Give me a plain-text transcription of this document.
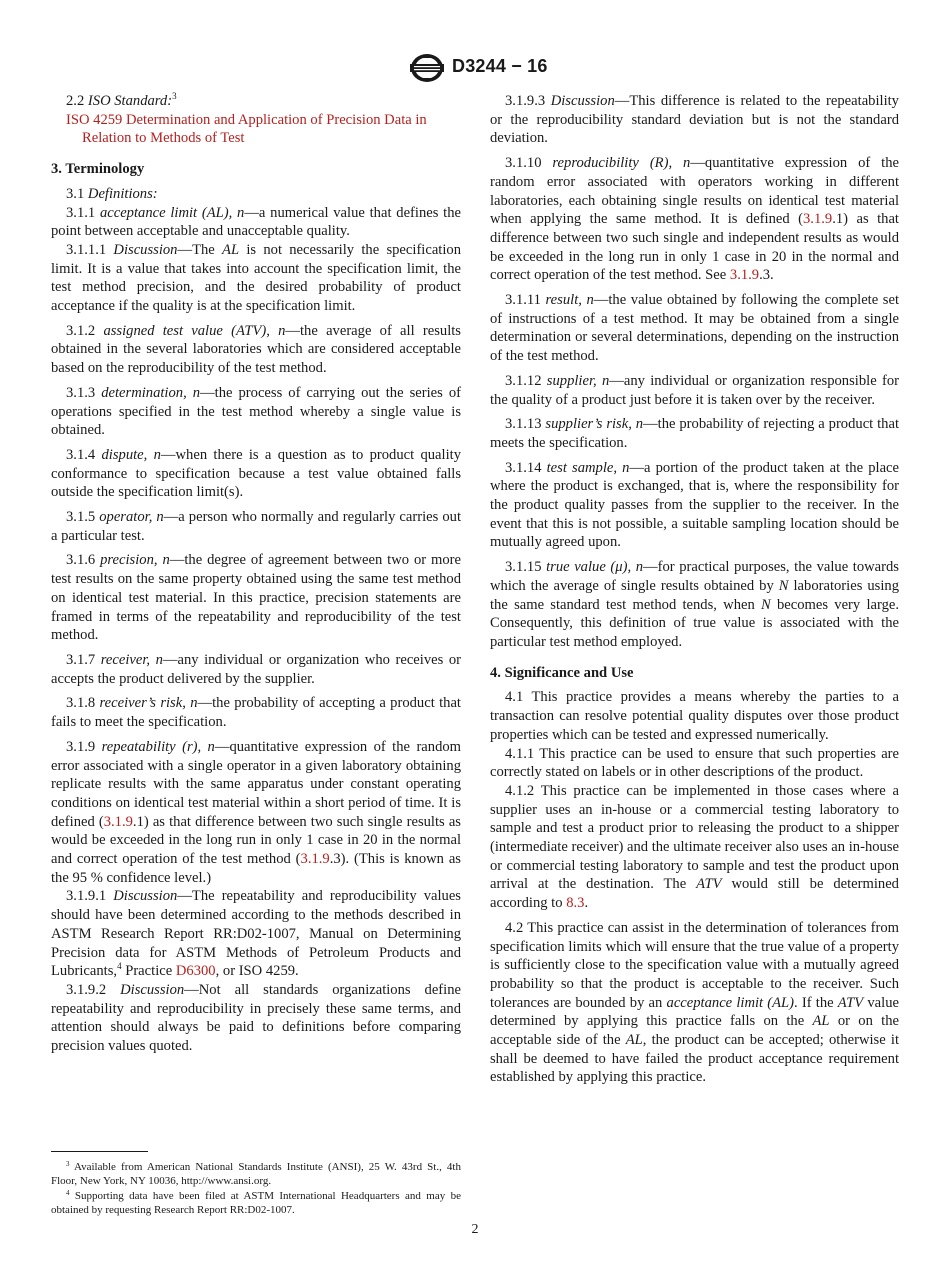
D3244 − 16

2.2 ISO Standard:$^3$

ISO 4259 Determination and Application of Precision Data in Relation to Methods of Test

3. Terminology

3.1 Definitions:

3.1.1 acceptance limit (AL), n—a numerical value that defines the point between acceptable and unacceptable quality.

3.1.1.1 Discussion—The AL is not necessarily the specification limit. It is a value that takes into account the specification limit, the test method precision, and the desired probability of product acceptance if the quality is at the specification limit.

3.1.2 assigned test value (ATV), n—the average of all results obtained in the several laboratories which are considered acceptable based on the reproducibility of the test method.

3.1.3 determination, n—the process of carrying out the series of operations specified in the test method whereby a single value is obtained.

3.1.4 dispute, n—when there is a question as to product quality conformance to specification because a test value obtained falls outside the specification limit(s).

3.1.5 operator, n—a person who normally and regularly carries out a particular test.

3.1.6 precision, n—the degree of agreement between two or more test results on the same property obtained using the same test method on identical test material. In this practice, precision statements are framed in terms of the repeatability and reproducibility of the test method.

3.1.7 receiver, n—any individual or organization who receives or accepts the product delivered by the supplier.

3.1.8 receiver’s risk, n—the probability of accepting a product that fails to meet the specification.

3.1.9 repeatability (r), n—quantitative expression of the random error associated with a single operator in a given laboratory obtaining replicate results with the same apparatus under constant operating conditions on identical test material within a short period of time. It is defined (3.1.9.1) as that difference between two such single results as would be exceeded in the long run in only 1 case in 20 in the normal and correct operation of the test method (3.1.9.3). (This is known as the 95 % confidence level.)

3.1.9.1 Discussion—The repeatability and reproducibility values should have been determined according to the methods described in ASTM Research Report RR:D02-1007, Manual on Determining Precision data for ASTM Methods of Petroleum Products and Lubricants,$^4$ Practice D6300, or ISO 4259.

3.1.9.2 Discussion—Not all standards organizations define repeatability and reproducibility in precisely these same terms, and attention should always be paid to definitions before comparing precision values quoted.

3.1.9.3 Discussion—This difference is related to the repeatability or the reproducibility standard deviation but is not the standard deviation.

3.1.10 reproducibility (R), n—quantitative expression of the random error associated with operators working in different laboratories, each obtaining single results on identical test material when applying the same method. It is defined (3.1.9.1) as that difference between two such single and independent results as would be exceeded in the long run in only 1 case in 20 in the normal and correct operation of the test method. See 3.1.9.3.

3.1.11 result, n—the value obtained by following the complete set of instructions of a test method. It may be obtained from a single determination or several determinations, depending on the instruction of the test method.

3.1.12 supplier, n—any individual or organization responsible for the quality of a product just before it is taken over by the receiver.

3.1.13 supplier’s risk, n—the probability of rejecting a product that meets the specification.

3.1.14 test sample, n—a portion of the product taken at the place where the product is exchanged, that is, where the responsibility for the product quality passes from the supplier to the receiver. In the event that this is not possible, a suitable sampling location should be mutually agreed upon.

3.1.15 true value (μ), n—for practical purposes, the value towards which the average of single results obtained by N laboratories using the same standard test method tends, when N becomes very large. Consequently, this definition of true value is associated with the particular test method employed.

4. Significance and Use

4.1 This practice provides a means whereby the parties to a transaction can resolve potential quality disputes over those product properties which can be tested and expressed numerically.

4.1.1 This practice can be used to ensure that such properties are correctly stated on labels or in other descriptions of the product.

4.1.2 This practice can be implemented in those cases where a supplier uses an in-house or a commercial testing laboratory to sample and test a product prior to releasing the product to a shipper (intermediate receiver) and the ultimate receiver also uses an in-house or commercial testing laboratory to sample and test the product upon arrival at the destination. The ATV would still be determined according to 8.3.

4.2 This practice can assist in the determination of tolerances from specification limits which will ensure that the true value of a property is sufficiently close to the specification value with a mutually agreed probability so that the product is acceptable to the receiver. Such tolerances are bounded by an acceptance limit (AL). If the ATV value determined by applying this practice falls on the AL or on the acceptable side of the AL, the product can be accepted; otherwise it shall be deemed to have failed the product acceptance requirement established by applying this practice.

$^3$ Available from American National Standards Institute (ANSI), 25 W. 43rd St., 4th Floor, New York, NY 10036, http://www.ansi.org.

$^4$ Supporting data have been filed at ASTM International Headquarters and may be obtained by requesting Research Report RR:D02-1007.

2
